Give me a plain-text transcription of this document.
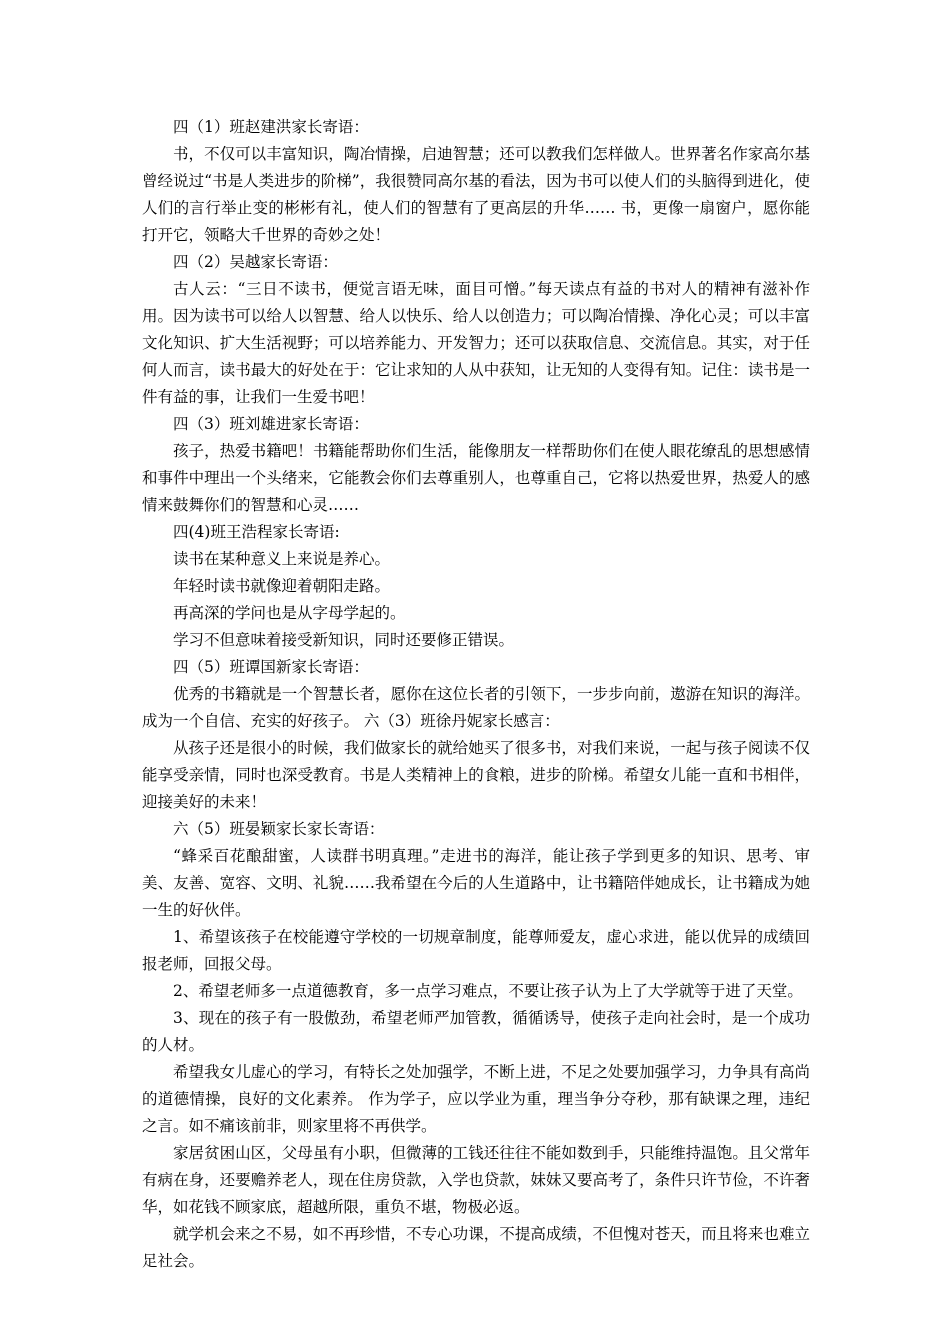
四（1）班赵建洪家长寄语：

书，不仅可以丰富知识，陶冶情操，启迪智慧；还可以教我们怎样做人。世界著名作家高尔基曾经说过“书是人类进步的阶梯”，我很赞同高尔基的看法，因为书可以使人们的头脑得到进化，使人们的言行举止变的彬彬有礼，使人们的智慧有了更高层的升华…… 书，更像一扇窗户，愿你能打开它，领略大千世界的奇妙之处！

四（2）吴越家长寄语：

古人云：“三日不读书，便觉言语无味，面目可憎。”每天读点有益的书对人的精神有滋补作用。因为读书可以给人以智慧、给人以快乐、给人以创造力；可以陶冶情操、净化心灵；可以丰富文化知识、扩大生活视野；可以培养能力、开发智力；还可以获取信息、交流信息。其实，对于任何人而言，读书最大的好处在于：它让求知的人从中获知，让无知的人变得有知。记住：读书是一件有益的事，让我们一生爱书吧！

四（3）班刘雄进家长寄语：

孩子，热爱书籍吧！书籍能帮助你们生活，能像朋友一样帮助你们在使人眼花缭乱的思想感情和事件中理出一个头绪来，它能教会你们去尊重别人，也尊重自己，它将以热爱世界，热爱人的感情来鼓舞你们的智慧和心灵……

四(4)班王浩程家长寄语:

读书在某种意义上来说是养心。

年轻时读书就像迎着朝阳走路。

再高深的学问也是从字母学起的。

学习不但意味着接受新知识，同时还要修正错误。

四（5）班谭国新家长寄语：

优秀的书籍就是一个智慧长者，愿你在这位长者的引领下，一步步向前，遨游在知识的海洋。成为一个自信、充实的好孩子。 六（3）班徐丹妮家长感言：

从孩子还是很小的时候，我们做家长的就给她买了很多书，对我们来说，一起与孩子阅读不仅能享受亲情，同时也深受教育。书是人类精神上的食粮，进步的阶梯。希望女儿能一直和书相伴，迎接美好的未来！

六（5）班晏颖家长家长寄语：

“蜂采百花酿甜蜜，人读群书明真理。”走进书的海洋，能让孩子学到更多的知识、思考、审美、友善、宽容、文明、礼貌……我希望在今后的人生道路中，让书籍陪伴她成长，让书籍成为她一生的好伙伴。

1、希望该孩子在校能遵守学校的一切规章制度，能尊师爱友，虚心求进，能以优异的成绩回报老师，回报父母。

2、希望老师多一点道德教育，多一点学习难点，不要让孩子认为上了大学就等于进了天堂。

3、现在的孩子有一股傲劲，希望老师严加管教，循循诱导，使孩子走向社会时，是一个成功的人材。

希望我女儿虚心的学习，有特长之处加强学，不断上进，不足之处要加强学习，力争具有高尚的道德情操，良好的文化素养。 作为学子，应以学业为重，理当争分夺秒，那有缺课之理，违纪之言。如不痛该前非，则家里将不再供学。

家居贫困山区，父母虽有小职，但微薄的工钱还往往不能如数到手，只能维持温饱。且父常年有病在身，还要赡养老人，现在住房贷款，入学也贷款，妹妹又要高考了，条件只许节俭，不许奢华，如花钱不顾家底，超越所限，重负不堪，物极必返。

就学机会来之不易，如不再珍惜，不专心功课，不提高成绩，不但愧对苍天，而且将来也难立足社会。
